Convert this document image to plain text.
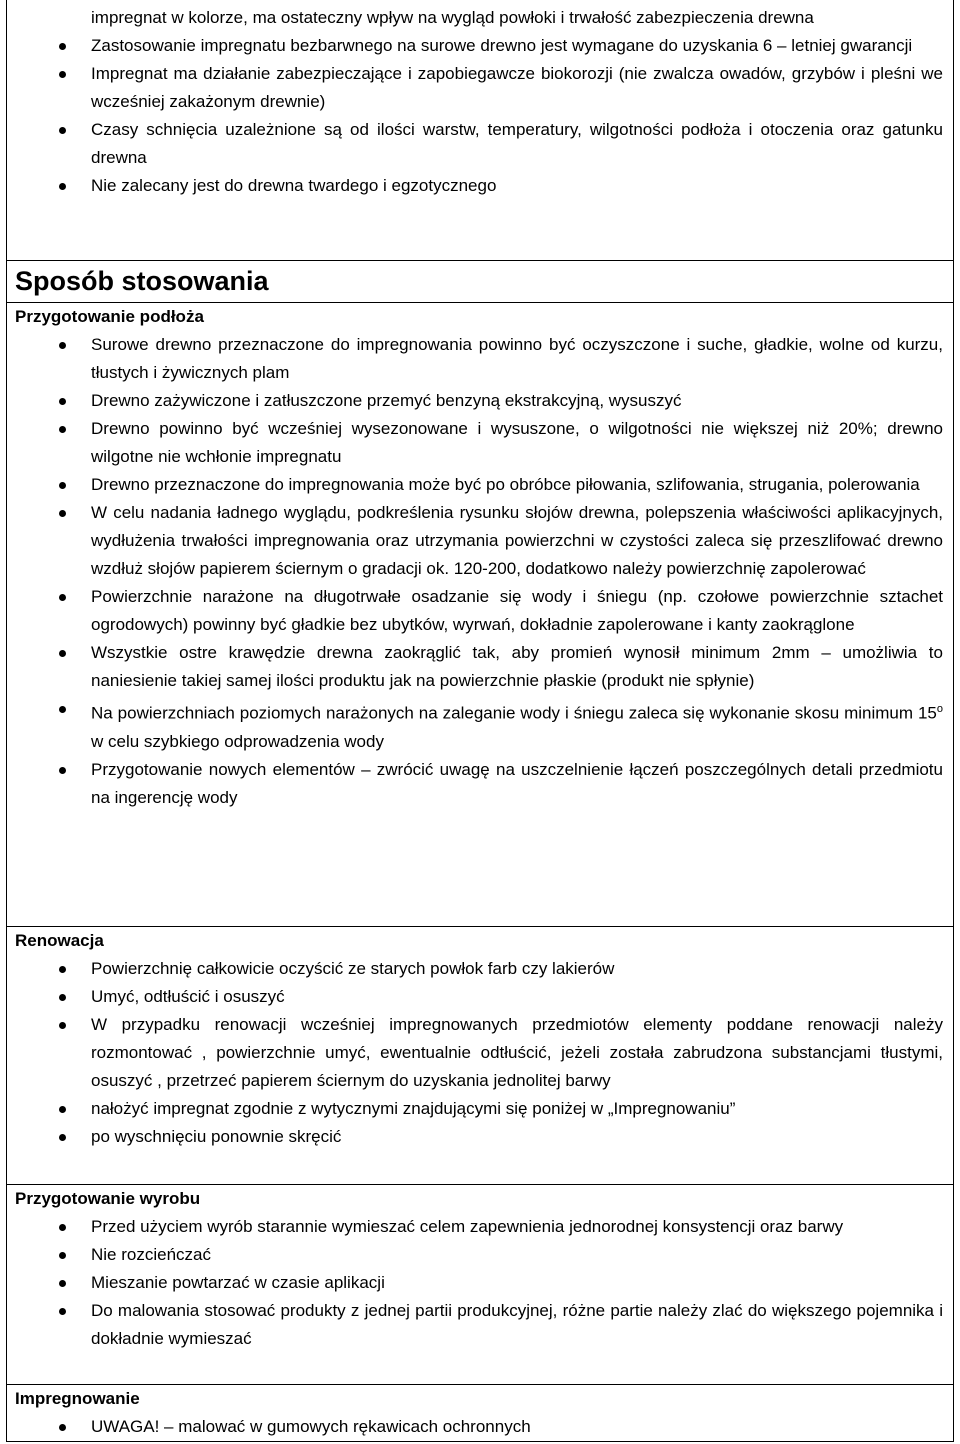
impregnat w kolorze, ma ostateczny wpływ na wygląd powłoki i trwałość zabezpieczenia drewna
Zastosowanie impregnatu bezbarwnego na surowe drewno jest wymagane do uzyskania 6 – letniej gwarancji
Impregnat ma działanie zabezpieczające i zapobiegawcze biokorozji (nie zwalcza owadów, grzybów i pleśni we wcześniej zakażonym drewnie)
Czasy schnięcia uzależnione są od ilości warstw, temperatury, wilgotności podłoża i otoczenia oraz gatunku drewna
Nie zalecany jest do drewna twardego i egzotycznego
Sposób stosowania
Przygotowanie podłoża
Surowe drewno przeznaczone do impregnowania powinno być oczyszczone i suche, gładkie, wolne od kurzu, tłustych i żywicznych plam
Drewno zażywiczone i zatłuszczone przemyć benzyną ekstrakcyjną, wysuszyć
Drewno powinno być wcześniej wysezonowane i wysuszone, o wilgotności nie większej niż 20%; drewno wilgotne nie wchłonie impregnatu
Drewno przeznaczone do impregnowania może być po obróbce piłowania, szlifowania, strugania, polerowania
W celu nadania ładnego wyglądu, podkreślenia rysunku słojów drewna, polepszenia właściwości aplikacyjnych, wydłużenia trwałości impregnowania oraz utrzymania powierzchni w czystości zaleca się przeszlifować drewno wzdłuż słojów papierem ściernym o gradacji ok. 120-200, dodatkowo należy powierzchnię zapolerować
Powierzchnie narażone na długotrwałe osadzanie się wody i śniegu (np. czołowe powierzchnie sztachet ogrodowych) powinny być gładkie bez ubytków, wyrwań, dokładnie zapolerowane i kanty zaokrąglone
Wszystkie ostre krawędzie drewna zaokrąglić tak, aby promień wynosił minimum 2mm – umożliwia to naniesienie takiej samej ilości produktu jak na powierzchnie płaskie (produkt nie spłynie)
Na powierzchniach poziomych narażonych na zaleganie wody i śniegu zaleca się wykonanie skosu minimum 15$^o$ w celu szybkiego odprowadzenia wody
Przygotowanie nowych elementów – zwrócić uwagę na uszczelnienie łączeń poszczególnych detali przedmiotu na ingerencję wody
Renowacja
Powierzchnię całkowicie oczyścić ze starych powłok farb czy lakierów
Umyć, odtłuścić i osuszyć
W przypadku renowacji wcześniej impregnowanych przedmiotów elementy poddane renowacji należy rozmontować , powierzchnie umyć, ewentualnie odtłuścić, jeżeli została zabrudzona substancjami tłustymi, osuszyć , przetrzeć papierem ściernym do uzyskania jednolitej barwy
nałożyć impregnat zgodnie z wytycznymi znajdującymi się poniżej w „Impregnowaniu”
po wyschnięciu ponownie skręcić
Przygotowanie wyrobu
Przed użyciem wyrób starannie wymieszać celem zapewnienia jednorodnej konsystencji oraz barwy
Nie rozcieńczać
Mieszanie powtarzać w czasie aplikacji
Do malowania stosować produkty z jednej partii produkcyjnej, różne partie należy zlać do większego pojemnika i dokładnie wymieszać
Impregnowanie
UWAGA! – malować w gumowych rękawicach ochronnych
